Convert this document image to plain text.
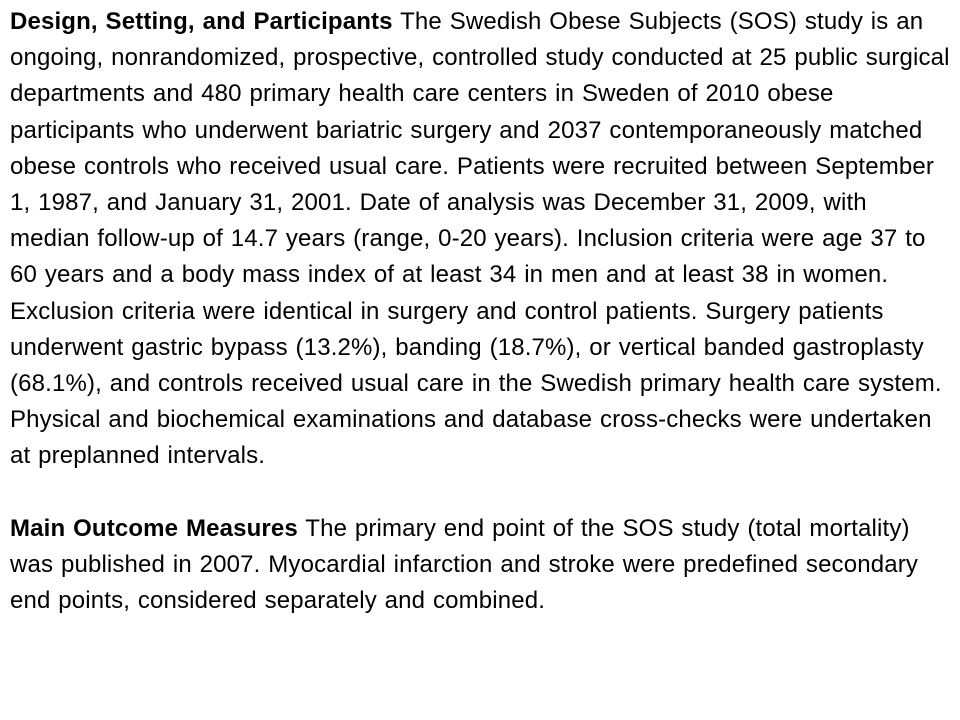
Design, Setting, and Participants The Swedish Obese Subjects (SOS) study is an ongoing, nonrandomized, prospective, controlled study conducted at 25 public surgical departments and 480 primary health care centers in Sweden of 2010 obese participants who underwent bariatric surgery and 2037 contemporaneously matched obese controls who received usual care. Patients were recruited between September 1, 1987, and January 31, 2001. Date of analysis was December 31, 2009, with median follow-up of 14.7 years (range, 0-20 years). Inclusion criteria were age 37 to 60 years and a body mass index of at least 34 in men and at least 38 in women. Exclusion criteria were identical in surgery and control patients. Surgery patients underwent gastric bypass (13.2%), banding (18.7%), or vertical banded gastroplasty (68.1%), and controls received usual care in the Swedish primary health care system. Physical and biochemical examinations and database cross-checks were undertaken at preplanned intervals.

Main Outcome Measures The primary end point of the SOS study (total mortality) was published in 2007. Myocardial infarction and stroke were predefined secondary end points, considered separately and combined.
